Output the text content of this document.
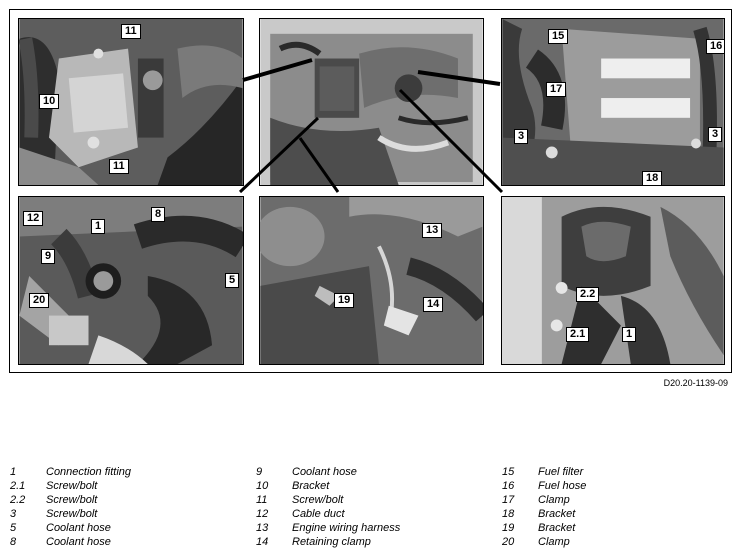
11
10
11
15
16
17
3	3
18
12
1
8
9
20
5
13
19	14
2.2
2.1	1
D20.20-1139-09
1	Connection fitting
2.1 Screw/bolt
2.2 Screw/bolt
3	Screw/bolt
5	Coolant hose
8	Coolant hose
9	Coolant hose
10 Bracket
11 Screw/bolt
12 Cable duct
13 Engine wiring harness
14 Retaining clamp
15 Fuel filter
16 Fuel hose
17 Clamp
18 Bracket
19 Bracket
20 Clamp
